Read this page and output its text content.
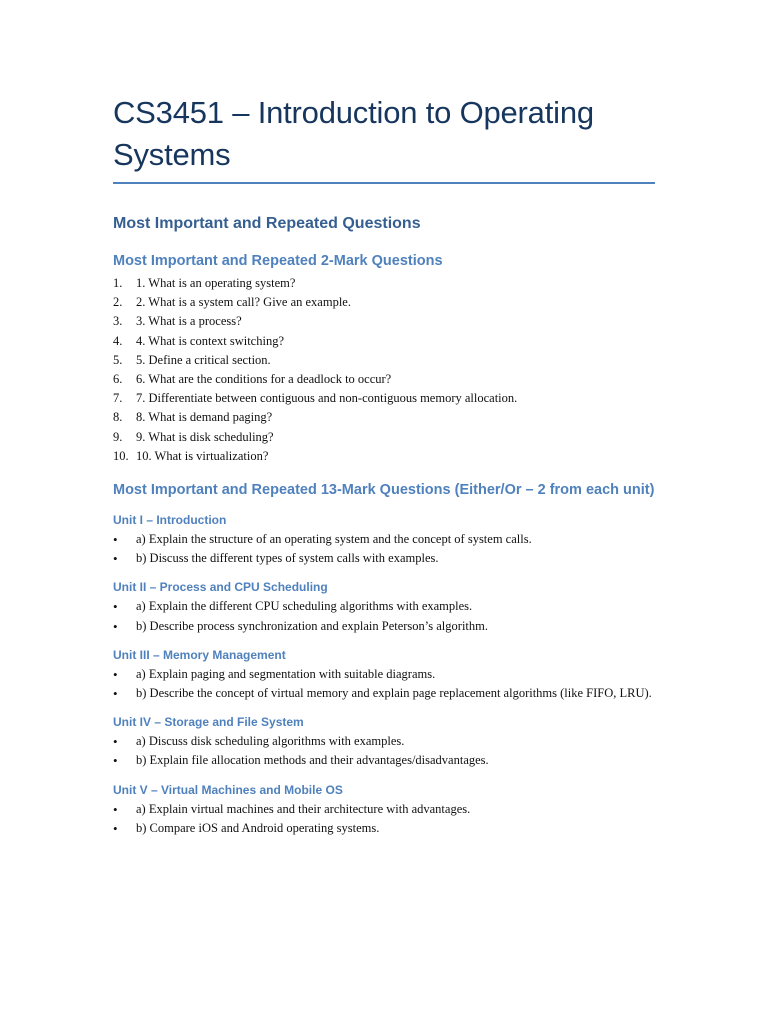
CS3451 – Introduction to Operating Systems
Most Important and Repeated Questions
Most Important and Repeated 2-Mark Questions
1. 1. What is an operating system?
2. 2. What is a system call? Give an example.
3. 3. What is a process?
4. 4. What is context switching?
5. 5. Define a critical section.
6. 6. What are the conditions for a deadlock to occur?
7. 7. Differentiate between contiguous and non-contiguous memory allocation.
8. 8. What is demand paging?
9. 9. What is disk scheduling?
10. 10. What is virtualization?
Most Important and Repeated 13-Mark Questions (Either/Or – 2 from each unit)
Unit I – Introduction
• a) Explain the structure of an operating system and the concept of system calls.
• b) Discuss the different types of system calls with examples.
Unit II – Process and CPU Scheduling
• a) Explain the different CPU scheduling algorithms with examples.
• b) Describe process synchronization and explain Peterson’s algorithm.
Unit III – Memory Management
• a) Explain paging and segmentation with suitable diagrams.
• b) Describe the concept of virtual memory and explain page replacement algorithms (like FIFO, LRU).
Unit IV – Storage and File System
• a) Discuss disk scheduling algorithms with examples.
• b) Explain file allocation methods and their advantages/disadvantages.
Unit V – Virtual Machines and Mobile OS
• a) Explain virtual machines and their architecture with advantages.
• b) Compare iOS and Android operating systems.
